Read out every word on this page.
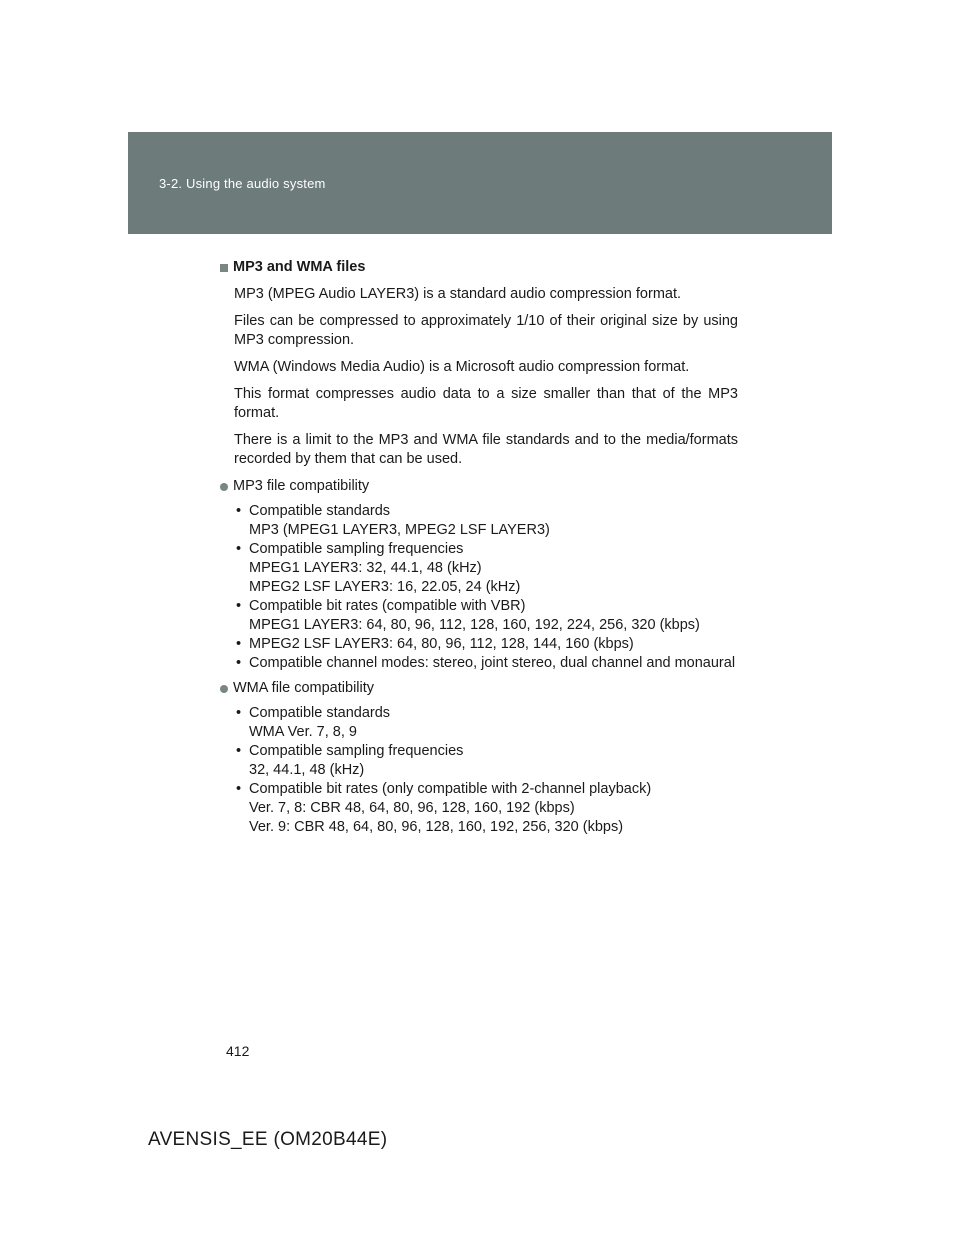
3-2. Using the audio system
MP3 and WMA files

MP3 (MPEG Audio LAYER3) is a standard audio compression format.

Files can be compressed to approximately 1/10 of their original size by using MP3 compression.

WMA (Windows Media Audio) is a Microsoft audio compression format.

This format compresses audio data to a size smaller than that of the MP3 format.

There is a limit to the MP3 and WMA file standards and to the media/formats recorded by them that can be used.

MP3 file compatibility
• Compatible standards
MP3 (MPEG1 LAYER3, MPEG2 LSF LAYER3)
• Compatible sampling frequencies
MPEG1 LAYER3: 32, 44.1, 48 (kHz)
MPEG2 LSF LAYER3: 16, 22.05, 24 (kHz)
• Compatible bit rates (compatible with VBR)
MPEG1 LAYER3: 64, 80, 96, 112, 128, 160, 192, 224, 256, 320 (kbps)
• MPEG2 LSF LAYER3: 64, 80, 96, 112, 128, 144, 160 (kbps)
• Compatible channel modes: stereo, joint stereo, dual channel and monaural
WMA file compatibility
• Compatible standards
WMA Ver. 7, 8, 9
• Compatible sampling frequencies
32, 44.1, 48 (kHz)
• Compatible bit rates (only compatible with 2-channel playback)
Ver. 7, 8: CBR 48, 64, 80, 96, 128, 160, 192 (kbps)
Ver. 9: CBR 48, 64, 80, 96, 128, 160, 192, 256, 320 (kbps)
412
AVENSIS_EE (OM20B44E)
